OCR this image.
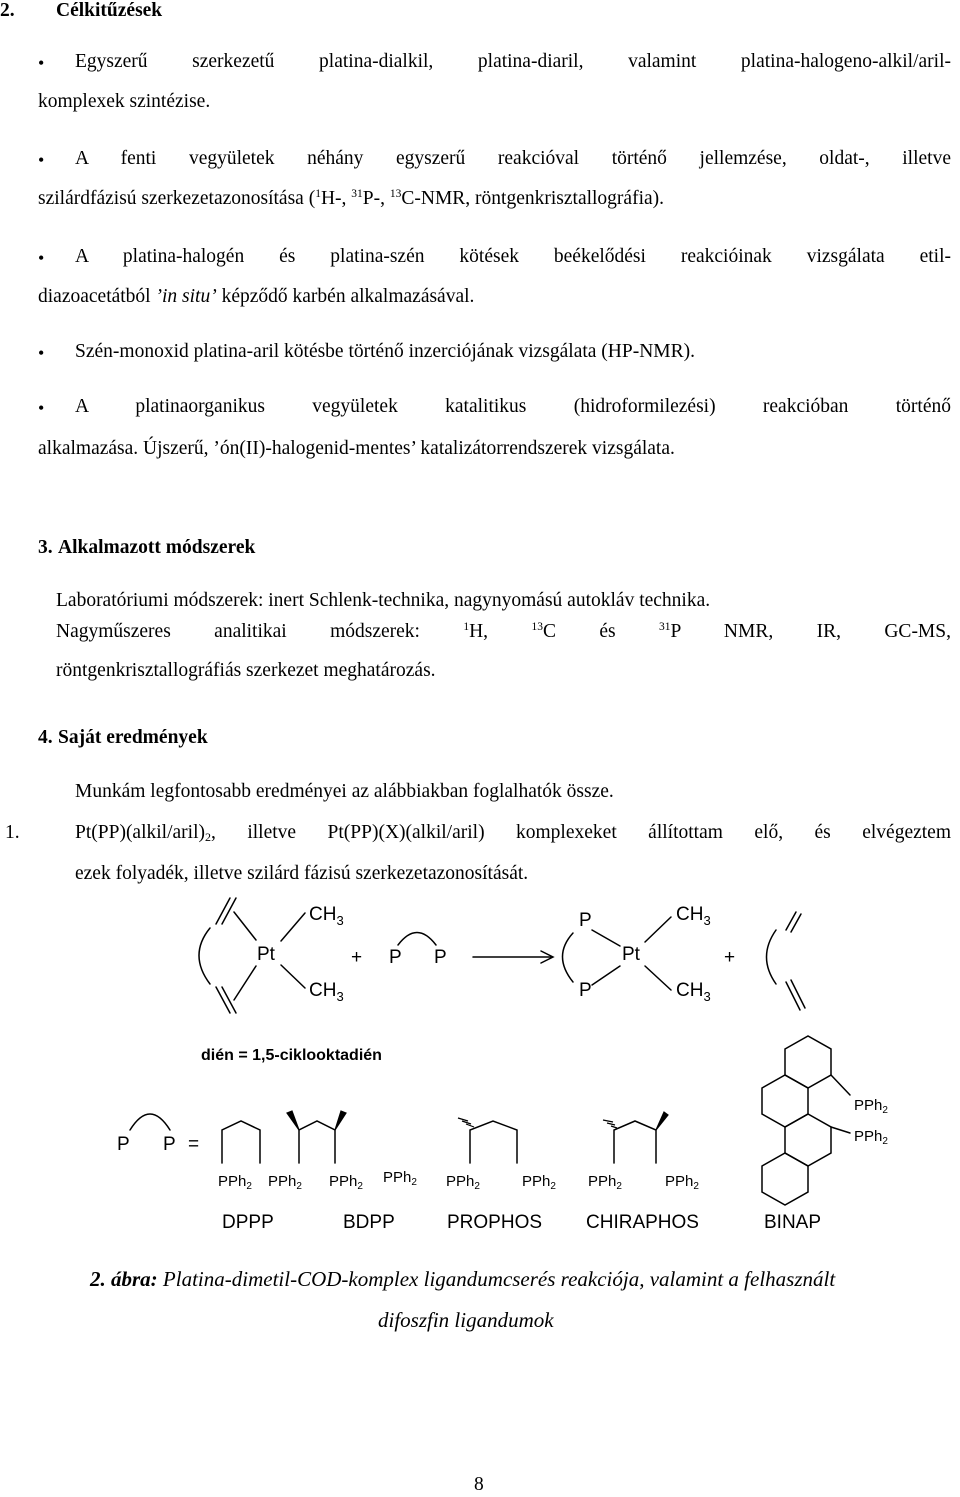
2. Célkitűzések
• Egyszerű szerkezetű platina-dialkil, platina-diaril, valamint platina-halogeno-alkil/aril-
komplexek szintézise.
• A fenti vegyületek néhány egyszerű reakcióval történő jellemzése, oldat-, illetve
szilárdfázisú szerkezetazonosítása ($^1$H-, $^{31}$P-, $^{13}$C-NMR, röntgenkrisztallográfia).
• A platina-halogén és platina-szén kötések beékelődési reakcióinak vizsgálata etil-
diazoacetátból ’in situ’ képződő karbén alkalmazásával.
• Szén-monoxid platina-aril kötésbe történő inzerciójának vizsgálata (HP-NMR).
• A platinaorganikus vegyületek katalitikus (hidroformilezési) reakcióban történő
alkalmazása. Újszerű, ’ón(II)-halogenid-mentes’ katalizátorrendszerek vizsgálata.
3. Alkalmazott módszerek
Laboratóriumi módszerek: inert Schlenk-technika, nagynyomású autokláv technika.
Nagyműszeres analitikai módszerek: $^1$H, $^{13}$C és $^{31}$P NMR, IR, GC-MS,
röntgenkrisztallográfiás szerkezet meghatározás.
4. Saját eredmények
Munkám legfontosabb eredményei az alábbiakban foglalhatók össze.
1.	$Pt(PP)(alkil/aril)_2$, illetve Pt(PP)(X)(alkil/aril) komplexeket állítottam elő, és elvégeztem
ezek folyadék, illetve szilárd fázisú szerkezetazonosítását.
Pt
$CH_3$
$CH_3$
+ P P
P
Pt
P
$CH_3$
$CH_3$
+
dién = 1,5-ciklooktadién
P P =
PPh$_2$ PPh$_2$ PPh$_2$
PPh$_2$ PPh$_2$	PPh$_2$ PPh$_2$	PPh$_2$
PPh$_2$
PPh$_2$
DPPP	BDPP	PROPHOS CHIRAPHOS	BINAP
2. ábra: Platina-dimetil-COD-komplex ligandumcserés reakciója, valamint a felhasznált
difoszfin ligandumok
8
